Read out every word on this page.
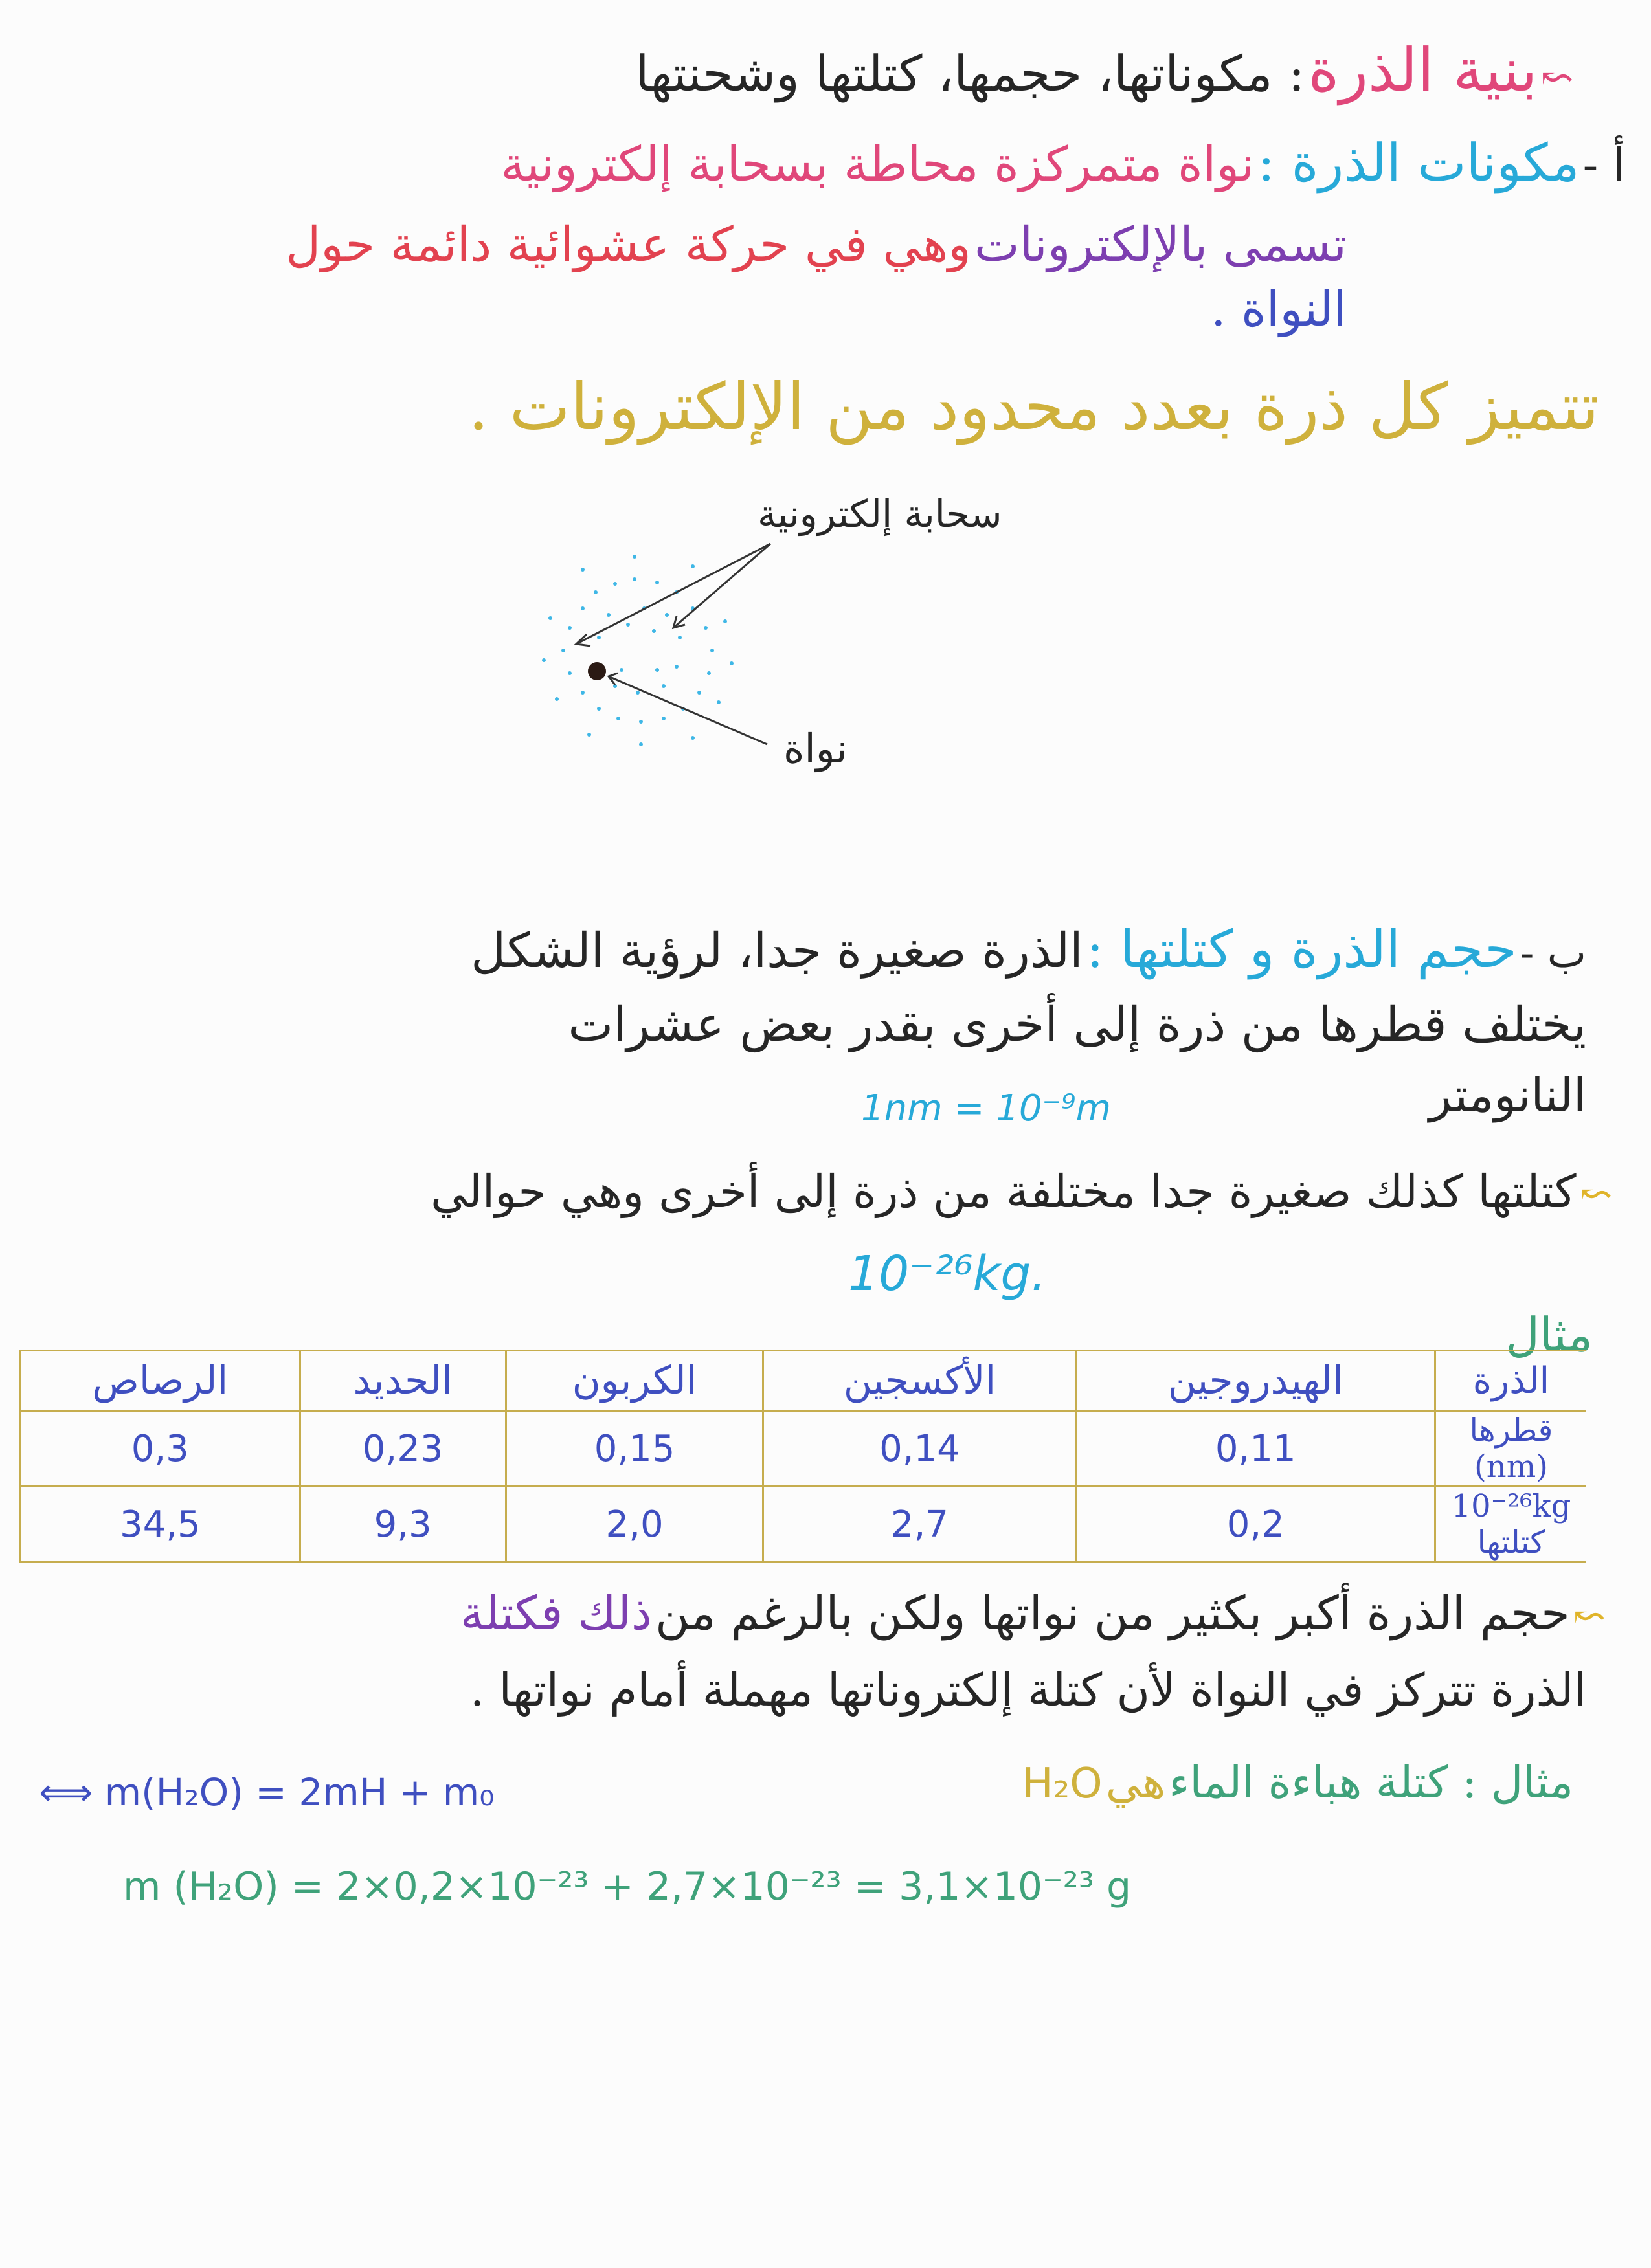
↜ بنية الذرة : مكوناتها، حجمها، كتلتها وشحنتها
أ - مكونات الذرة : نواة متمركزة محاطة بسحابة إلكترونية
تسمى بالإلكترونات وهي في حركة عشوائية دائمة حول
النواة .
تتميز كل ذرة بعدد محدود من الإلكترونات .
سحابة إلكترونية
نواة
ب - حجم الذرة و كتلتها : الذرة صغيرة جدا، لرؤية الشكل
يختلف قطرها من ذرة إلى أخرى بقدر بعض عشرات
النانومتر
1nm = 10⁻⁹m
↜ كتلتها كذلك صغيرة جدا مختلفة من ذرة إلى أخرى وهي حوالي
10⁻²⁶kg.
مثال
الذرة	الهيدروجين	الأكسجين	الكربون	الحديد	الرصاص
قطرها (nm)	0,11	0,14	0,15	0,23	0,3
10⁻²⁶kg كتلتها	0,2	2,7	2,0	9,3	34,5
↜ حجم الذرة أكبر بكثير من نواتها ولكن بالرغم من ذلك فكتلة
الذرة تتركز في النواة لأن كتلة إلكتروناتها مهملة أمام نواتها .
مثال : كتلة هباءة الماء هي H₂O
⟺ m(H₂O) = 2mH + m₀
m (H₂O) = 2×0,2×10⁻²³ + 2,7×10⁻²³ = 3,1×10⁻²³ g
